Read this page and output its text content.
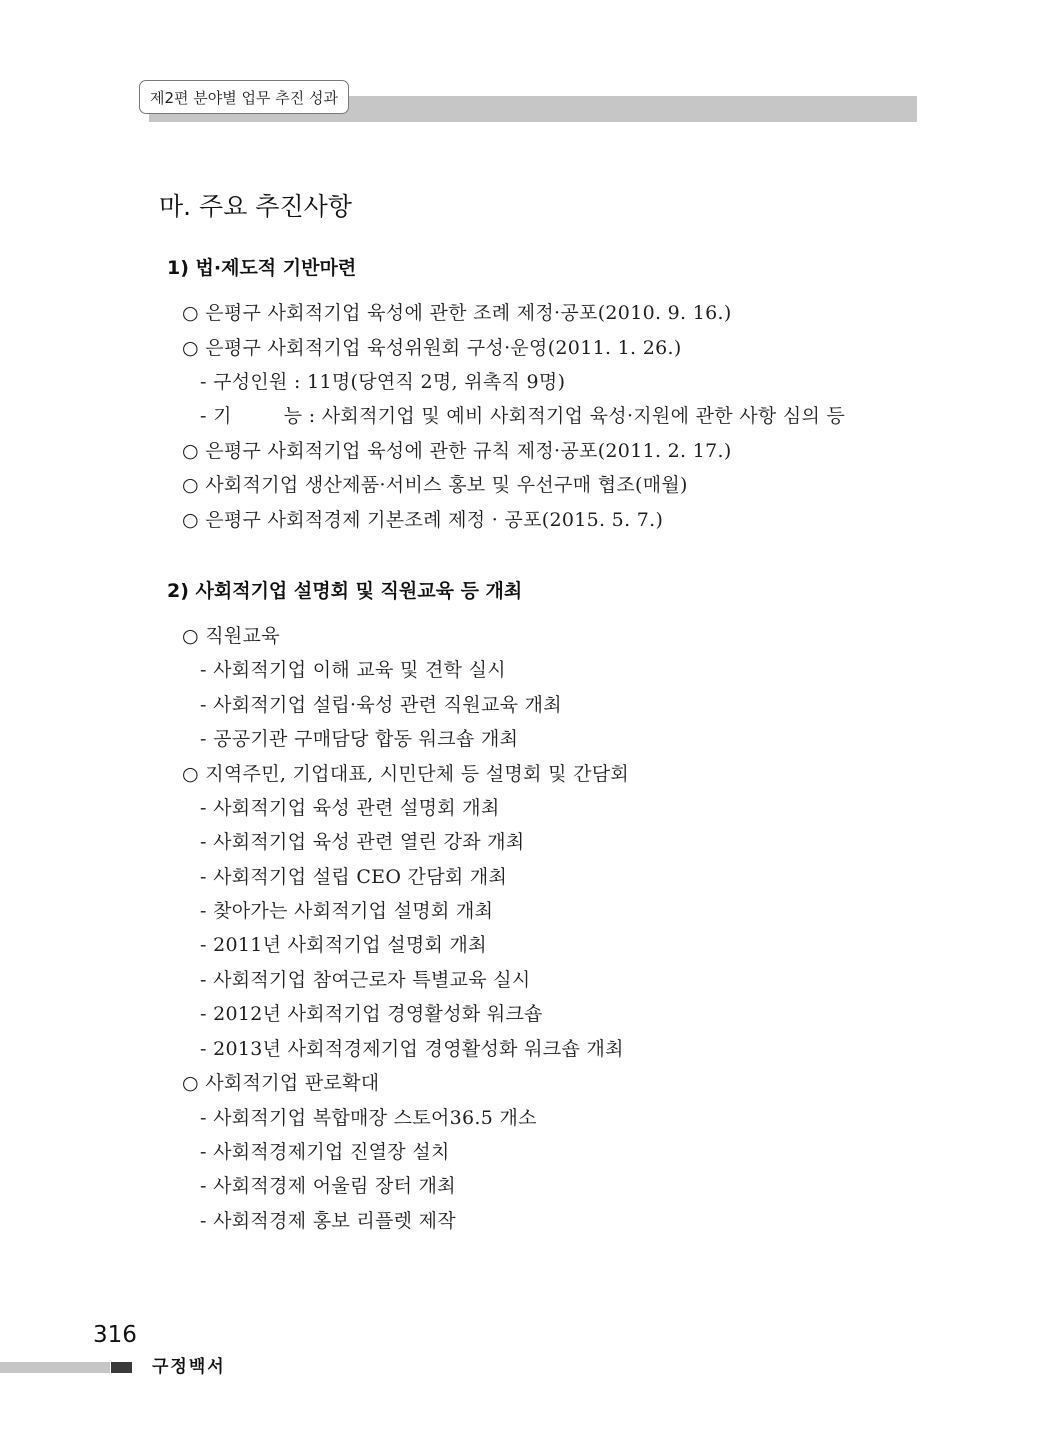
제2편 분야별 업무 추진 성과
마. 주요 추진사항
1) 법·제도적 기반마련
○ 은평구 사회적기업 육성에 관한 조례 제정·공포(2010. 9. 16.)
○ 은평구 사회적기업 육성위원회 구성·운영(2011. 1. 26.)
- 구성인원 : 11명(당연직 2명, 위촉직 9명)
- 기	능 : 사회적기업 및 예비 사회적기업 육성·지원에 관한 사항 심의 등
○ 은평구 사회적기업 육성에 관한 규칙 제정·공포(2011. 2. 17.)
○ 사회적기업 생산제품·서비스 홍보 및 우선구매 협조(매월)
○ 은평구 사회적경제 기본조례 제정 · 공포(2015. 5. 7.)
2) 사회적기업 설명회 및 직원교육 등 개최
○ 직원교육
- 사회적기업 이해 교육 및 견학 실시
- 사회적기업 설립·육성 관련 직원교육 개최
- 공공기관 구매담당 합동 워크숍 개최
○ 지역주민, 기업대표, 시민단체 등 설명회 및 간담회
- 사회적기업 육성 관련 설명회 개최
- 사회적기업 육성 관련 열린 강좌 개최
- 사회적기업 설립 CEO 간담회 개최
- 찾아가는 사회적기업 설명회 개최
- 2011년 사회적기업 설명회 개최
- 사회적기업 참여근로자 특별교육 실시
- 2012년 사회적기업 경영활성화 워크숍
- 2013년 사회적경제기업 경영활성화 워크숍 개최
○ 사회적기업 판로확대
- 사회적기업 복합매장 스토어36.5 개소
- 사회적경제기업 진열장 설치
- 사회적경제 어울림 장터 개최
- 사회적경제 홍보 리플렛 제작
316
구정백서
